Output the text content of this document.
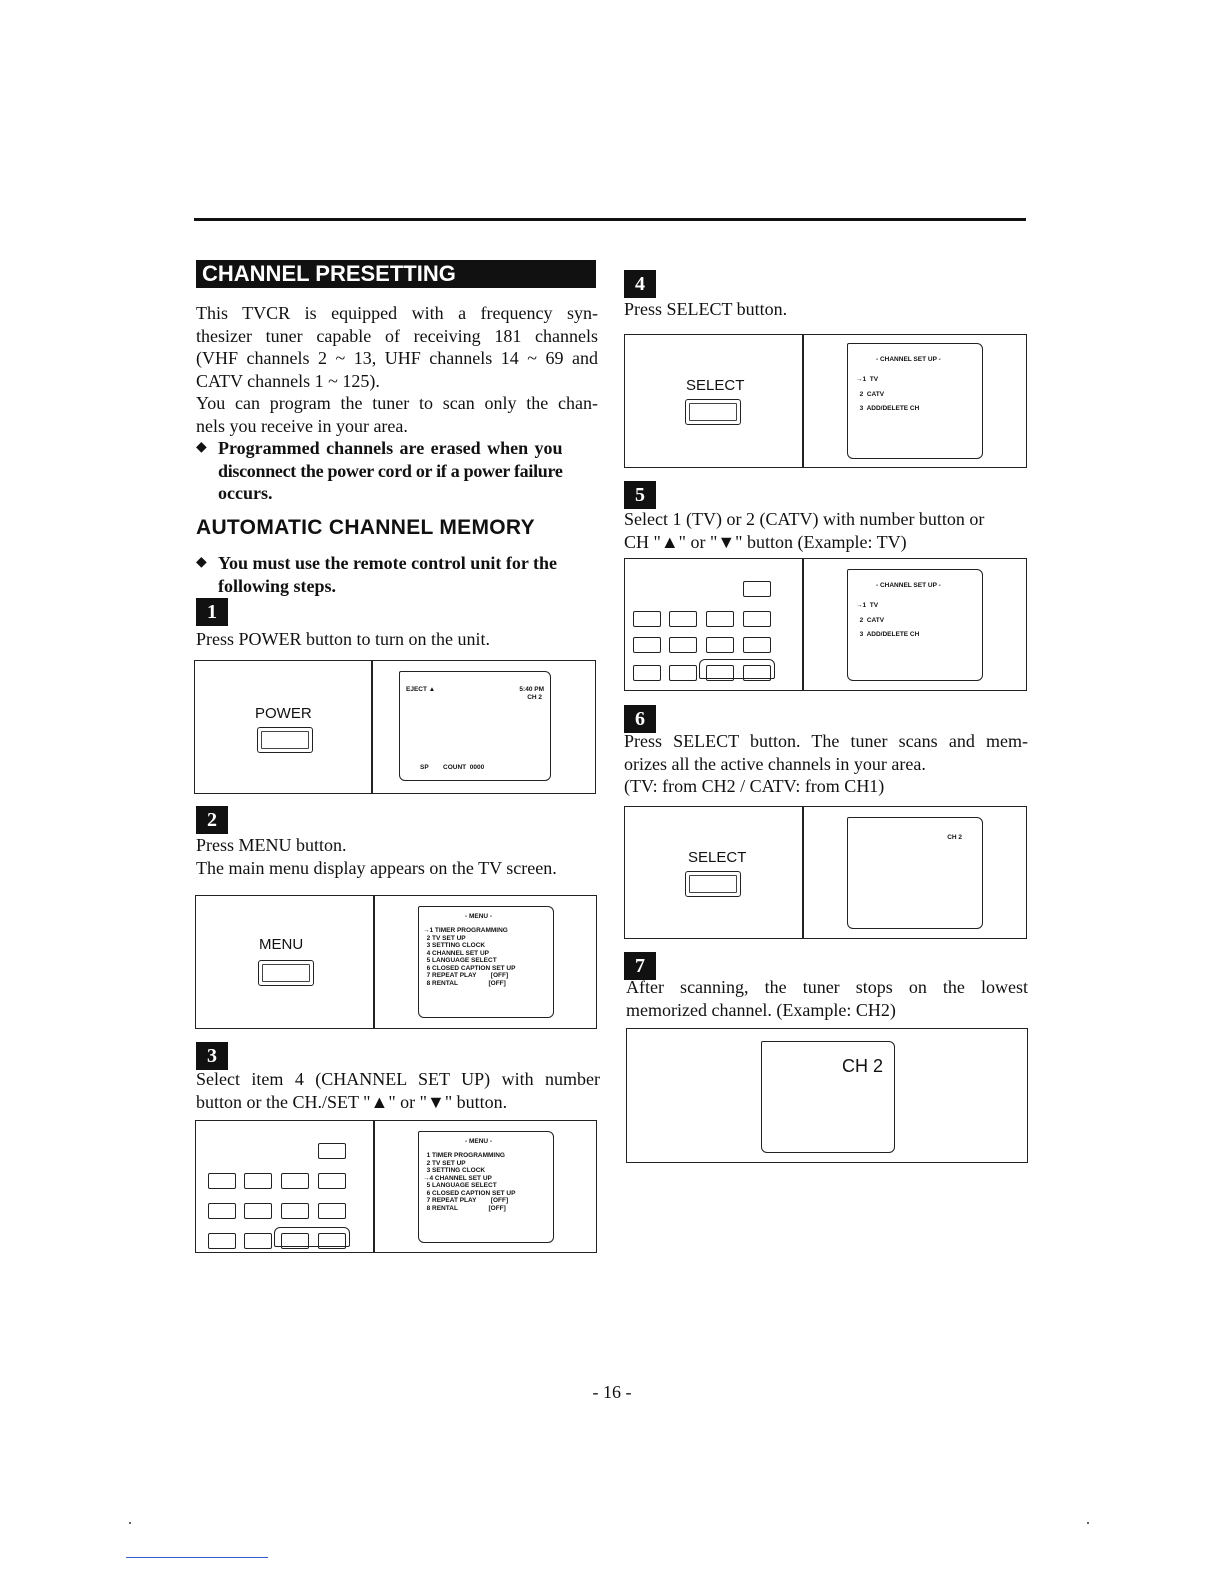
CHANNEL PRESETTING
This TVCR is equipped with a frequency syn-
thesizer tuner capable of receiving 181 channels
(VHF channels 2 ~ 13, UHF channels 14 ~ 69 and
CATV channels 1 ~ 125).
You can program the tuner to scan only the chan-
nels you receive in your area.
◆ Programmed channels are erased when you
disconnect the power cord or if a power failure
occurs.
AUTOMATIC CHANNEL MEMORY
◆ You must use the remote control unit for the
following steps.
1
Press POWER button to turn on the unit.
POWER
EJECT ▲	5:40 PM
CH 2
SP        COUNT  0000
2
Press MENU button.
The main menu display appears on the TV screen.
MENU
- MENU -
→1 TIMER PROGRAMMING
2 TV SET UP
3 SETTING CLOCK
4 CHANNEL SET UP
5 LANGUAGE SELECT
6 CLOSED CAPTION SET UP
7 REPEAT PLAY        [OFF]
8 RENTAL                 [OFF]
3
Select item 4 (CHANNEL SET UP) with number
button or the CH./SET "▲" or "▼" button.
- MENU -
1 TIMER PROGRAMMING
2 TV SET UP
3 SETTING CLOCK
→4 CHANNEL SET UP
5 LANGUAGE SELECT
6 CLOSED CAPTION SET UP
7 REPEAT PLAY        [OFF]
8 RENTAL                 [OFF]
4
Press SELECT button.
SELECT
- CHANNEL SET UP -
→1  TV
2  CATV
3  ADD/DELETE CH
5
Select 1 (TV) or 2 (CATV) with number button or
CH "▲" or "▼" button (Example: TV)
- CHANNEL SET UP -
→1  TV
2  CATV
3  ADD/DELETE CH
6
Press SELECT button. The tuner scans and mem-
orizes all the active channels in your area.
(TV: from CH2 / CATV: from CH1)
SELECT
CH 2
7
After scanning, the tuner stops on the lowest
memorized channel. (Example: CH2)
CH 2
- 16 -
